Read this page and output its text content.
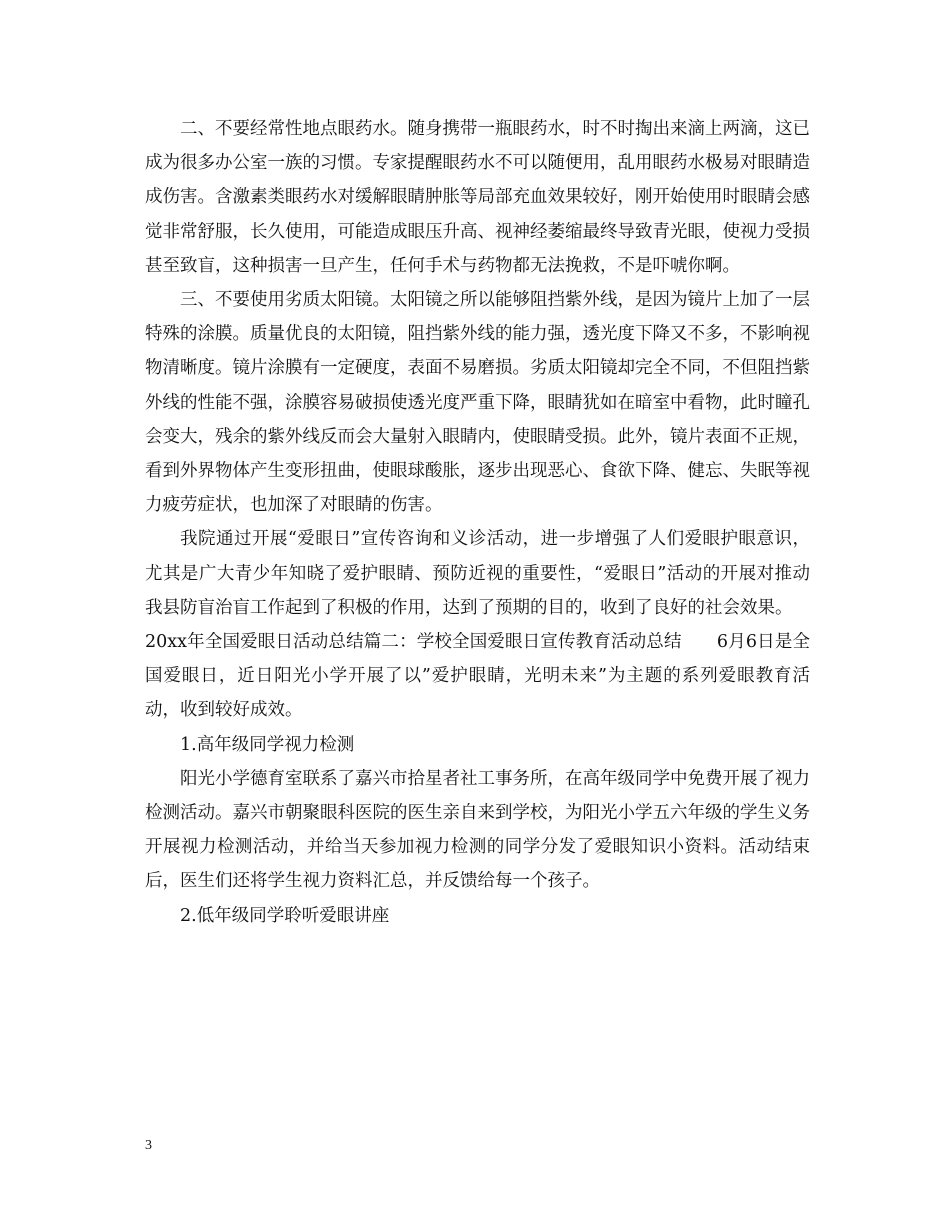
二、不要经常性地点眼药水。随身携带一瓶眼药水，时不时掏出来滴上两滴，这已成为很多办公室一族的习惯。专家提醒眼药水不可以随便用，乱用眼药水极易对眼睛造成伤害。含激素类眼药水对缓解眼睛肿胀等局部充血效果较好，刚开始使用时眼睛会感觉非常舒服，长久使用，可能造成眼压升高、视神经萎缩最终导致青光眼，使视力受损甚至致盲，这种损害一旦产生，任何手术与药物都无法挽救，不是吓唬你啊。

三、不要使用劣质太阳镜。太阳镜之所以能够阻挡紫外线，是因为镜片上加了一层特殊的涂膜。质量优良的太阳镜，阻挡紫外线的能力强，透光度下降又不多，不影响视物清晰度。镜片涂膜有一定硬度，表面不易磨损。劣质太阳镜却完全不同，不但阻挡紫外线的性能不强，涂膜容易破损使透光度严重下降，眼睛犹如在暗室中看物，此时瞳孔会变大，残余的紫外线反而会大量射入眼睛内，使眼睛受损。此外，镜片表面不正规，看到外界物体产生变形扭曲，使眼球酸胀，逐步出现恶心、食欲下降、健忘、失眠等视力疲劳症状，也加深了对眼睛的伤害。

我院通过开展“爱眼日”宣传咨询和义诊活动，进一步增强了人们爱眼护眼意识，尤其是广大青少年知晓了爱护眼睛、预防近视的重要性，“爱眼日”活动的开展对推动我县防盲治盲工作起到了积极的作用，达到了预期的目的，收到了良好的社会效果。

20xx年全国爱眼日活动总结篇二：学校全国爱眼日宣传教育活动总结　　6月6日是全国爱眼日，近日阳光小学开展了以”爱护眼睛，光明未来”为主题的系列爱眼教育活动，收到较好成效。

1.高年级同学视力检测

阳光小学德育室联系了嘉兴市拾星者社工事务所，在高年级同学中免费开展了视力检测活动。嘉兴市朝聚眼科医院的医生亲自来到学校，为阳光小学五六年级的学生义务开展视力检测活动，并给当天参加视力检测的同学分发了爱眼知识小资料。活动结束后，医生们还将学生视力资料汇总，并反馈给每一个孩子。

2.低年级同学聆听爱眼讲座

3
